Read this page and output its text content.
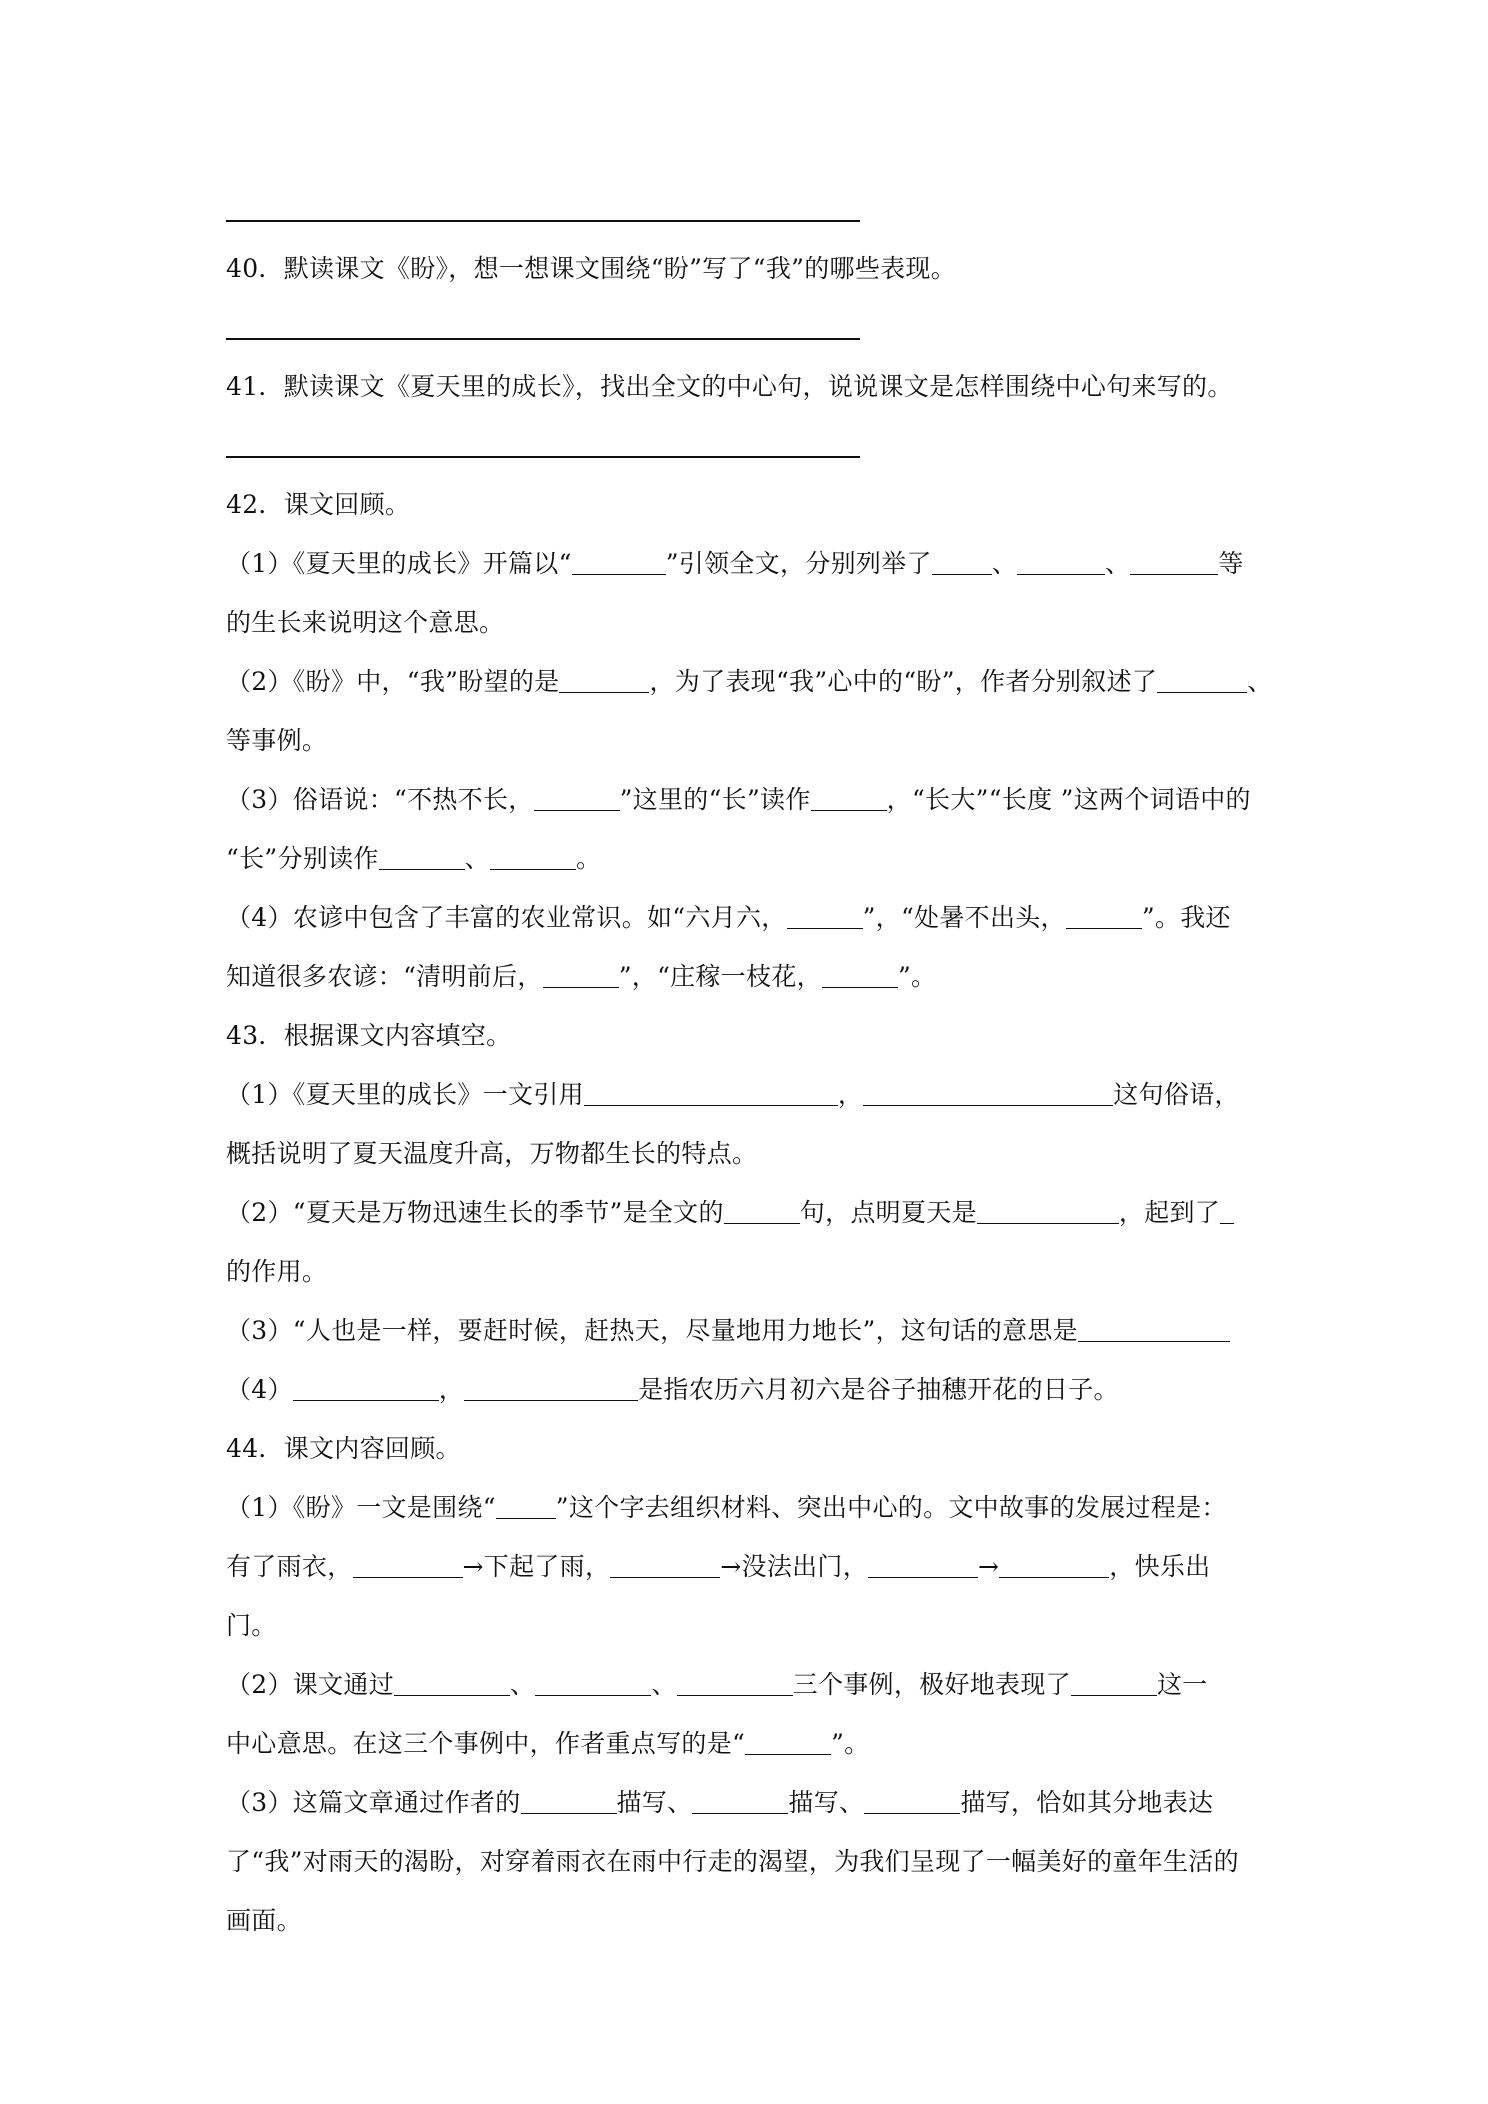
40．默读课文《盼》，想一想课文围绕“盼”写了“我”的哪些表现。
41．默读课文《夏天里的成长》，找出全文的中心句，说说课文是怎样围绕中心句来写的。
42．课文回顾。
（1）《夏天里的成长》开篇以“	”引领全文，分别列举了 、	、	等
的生长来说明这个意思。
（2）《盼》中，“我”盼望的是	，为了表现“我”心中的“盼”，作者分别叙述了	、
等事例。
（3）俗语说：“不热不长，	”这里的“长”读作	，“长大”“长度 ”这两个词语中的
“长”分别读作	、	。
（4）农谚中包含了丰富的农业常识。如“六月六，	”，“处暑不出头，	”。我还
知道很多农谚：“清明前后，	”，“庄稼一枝花，	”。
43．根据课文内容填空。
（1）《夏天里的成长》一文引用	，	这句俗语，
概括说明了夏天温度升高，万物都生长的特点。
（2）“夏天是万物迅速生长的季节”是全文的	句，点明夏天是	，起到了
的作用。
（3）“人也是一样，要赶时候，赶热天，尽量地用力地长”，这句话的意思是
（4）	，	是指农历六月初六是谷子抽穗开花的日子。
44．课文内容回顾。
（1）《盼》一文是围绕“ ”这个字去组织材料、突出中心的。文中故事的发展过程是：
有了雨衣，	→下起了雨，	→没法出门，	→	，快乐出
门。
（2）课文通过	、	、	三个事例，极好地表现了	这一
中心意思。在这三个事例中，作者重点写的是“	”。
（3）这篇文章通过作者的	描写、	描写、	描写，恰如其分地表达
了“我”对雨天的渴盼，对穿着雨衣在雨中行走的渴望，为我们呈现了一幅美好的童年生活的
画面。
